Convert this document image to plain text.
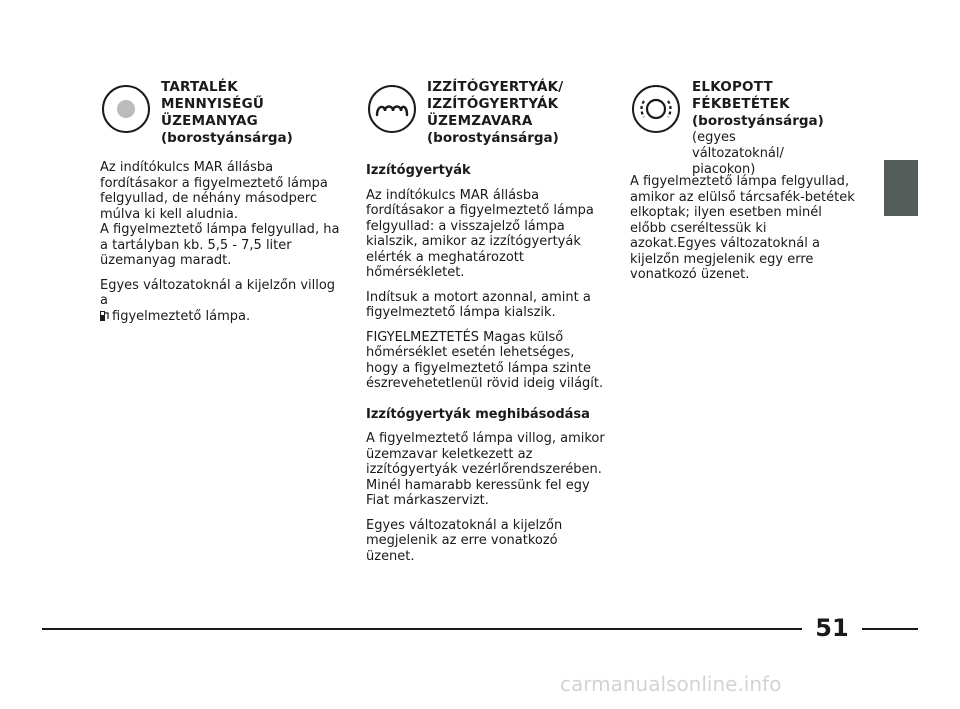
TARTALÉK
MENNYISÉGŰ
ÜZEMANYAG
(borostyánsárga)

Az indítókulcs MAR állásba fordításakor a figyelmeztető lámpa felgyullad, de néhány másodperc múlva ki kell aludnia.

A figyelmeztető lámpa felgyullad, ha a tartályban kb. 5,5 - 7,5 liter üzemanyag maradt.

Egyes változatoknál a kijelzőn villog a

figyelmeztető lámpa.

IZZÍTÓGYERTYÁK/
IZZÍTÓGYERTYÁK
ÜZEMZAVARA
(borostyánsárga)

Izzítógyertyák

Az indítókulcs MAR állásba fordításakor a figyelmeztető lámpa felgyullad: a visszajelző lámpa kialszik, amikor az izzítógyertyák elérték a meghatározott hőmérsékletet.

Indítsuk a motort azonnal, amint a figyelmeztető lámpa kialszik.

FIGYELMEZTETÉS Magas külső hőmérséklet esetén lehetséges, hogy a figyelmeztető lámpa szinte észrevehetetlenül rövid ideig világít.

Izzítógyertyák meghibásodása

A figyelmeztető lámpa villog, amikor üzemzavar keletkezett az izzítógyertyák vezérlőrendszerében. Minél hamarabb keressünk fel egy Fiat márkaszervizt.

Egyes változatoknál a kijelzőn megjelenik az erre vonatkozó üzenet.

ELKOPOTT
FÉKBETÉTEK
(borostyánsárga)
(egyes változatoknál/ piacokon)

A figyelmeztető lámpa felgyullad, amikor az elülső tárcsafék-betétek elkoptak; ilyen esetben minél előbb cseréltessük ki azokat.Egyes változatoknál a kijelzőn megjelenik egy erre vonatkozó üzenet.

51
carmanualsonline.info
